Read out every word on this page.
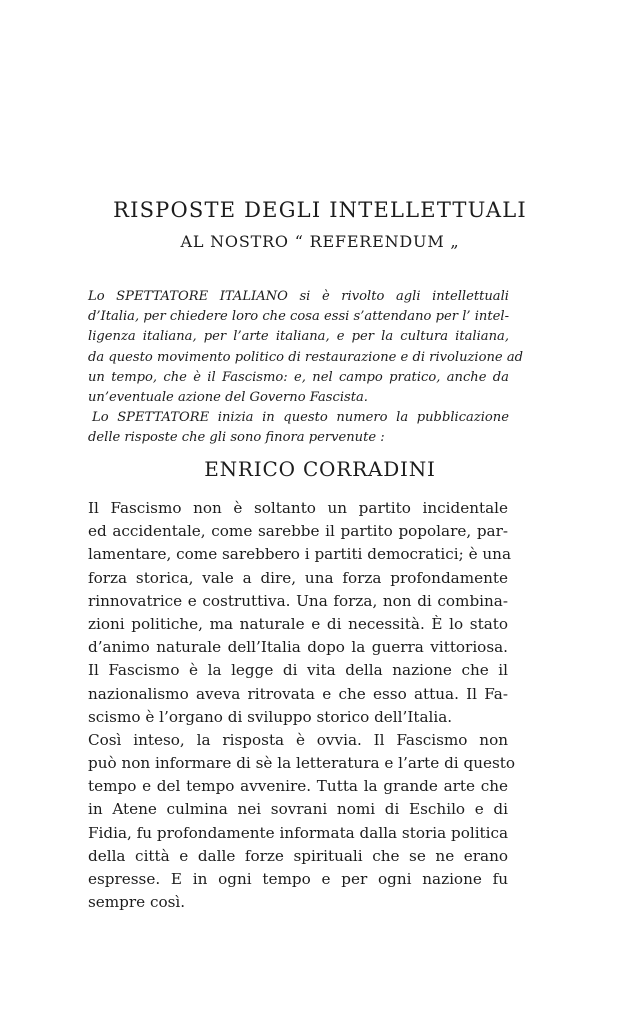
RISPOSTE DEGLI INTELLETTUALI
AL NOSTRO “ REFERENDUM „
Lo SPETTATORE ITALIANO si è rivolto agli intellettuali
d’Italia, per chiedere loro che cosa essi s’attendano per l’ intel-
ligenza italiana, per l’arte italiana, e per la cultura italiana,
da questo movimento politico di restaurazione e di rivoluzione ad
un tempo, che è il Fascismo: e, nel campo pratico, anche da
un’eventuale azione del Governo Fascista.
Lo SPETTATORE inizia in questo numero la pubblicazione
delle risposte che gli sono finora pervenute :
ENRICO CORRADINI
Il Fascismo non è soltanto un partito incidentale
ed accidentale, come sarebbe il partito popolare, par-
lamentare, come sarebbero i partiti democratici; è una
forza storica, vale a dire, una forza profondamente
rinnovatrice e costruttiva. Una forza, non di combina-
zioni politiche, ma naturale e di necessità. È lo stato
d’animo naturale dell’Italia dopo la guerra vittoriosa.
Il Fascismo è la legge di vita della nazione che il
nazionalismo aveva ritrovata e che esso attua. Il Fa-
scismo è l’organo di sviluppo storico dell’Italia.
Così inteso, la risposta è ovvia. Il Fascismo non
può non informare di sè la letteratura e l’arte di questo
tempo e del tempo avvenire. Tutta la grande arte che
in Atene culmina nei sovrani nomi di Eschilo e di
Fidia, fu profondamente informata dalla storia politica
della città e dalle forze spirituali che se ne erano
espresse. E in ogni tempo e per ogni nazione fu
sempre così.
